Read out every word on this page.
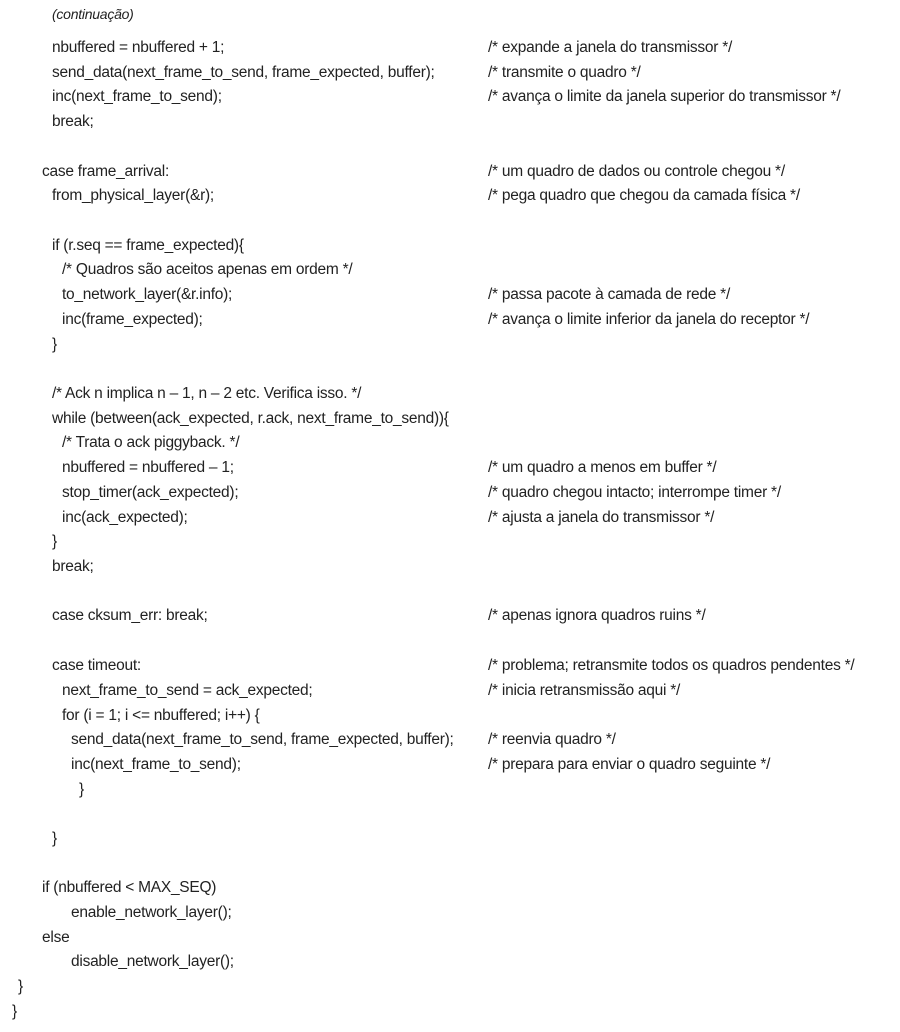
(continuação)
nbuffered = nbuffered + 1;	/* expande a janela do transmissor */
send_data(next_frame_to_send, frame_expected, buffer);	/* transmite o quadro */
inc(next_frame_to_send);	/* avança o limite da janela superior do transmissor */
break;
case frame_arrival:	/* um quadro de dados ou controle chegou */
from_physical_layer(&r);	/* pega quadro que chegou da camada física */
if (r.seq == frame_expected){
/* Quadros são aceitos apenas em ordem */
to_network_layer(&r.info);	/* passa pacote à camada de rede */
inc(frame_expected);	/* avança o limite inferior da janela do receptor */
}
/* Ack n implica n – 1, n – 2 etc. Verifica isso. */
while (between(ack_expected, r.ack, next_frame_to_send)){
/* Trata o ack piggyback. */
nbuffered = nbuffered – 1;	/* um quadro a menos em buffer */
stop_timer(ack_expected);	/* quadro chegou intacto; interrompe timer */
inc(ack_expected);	/* ajusta a janela do transmissor */
}
break;
case cksum_err: break;	/* apenas ignora quadros ruins */
case timeout:	/* problema; retransmite todos os quadros pendentes */
next_frame_to_send = ack_expected;	/* inicia retransmissão aqui */
for (i = 1; i <= nbuffered; i++) {
send_data(next_frame_to_send, frame_expected, buffer); /* reenvia quadro */
inc(next_frame_to_send);	/* prepara para enviar o quadro seguinte */
}
}
if (nbuffered < MAX_SEQ)
enable_network_layer();
else
disable_network_layer();
}
}
